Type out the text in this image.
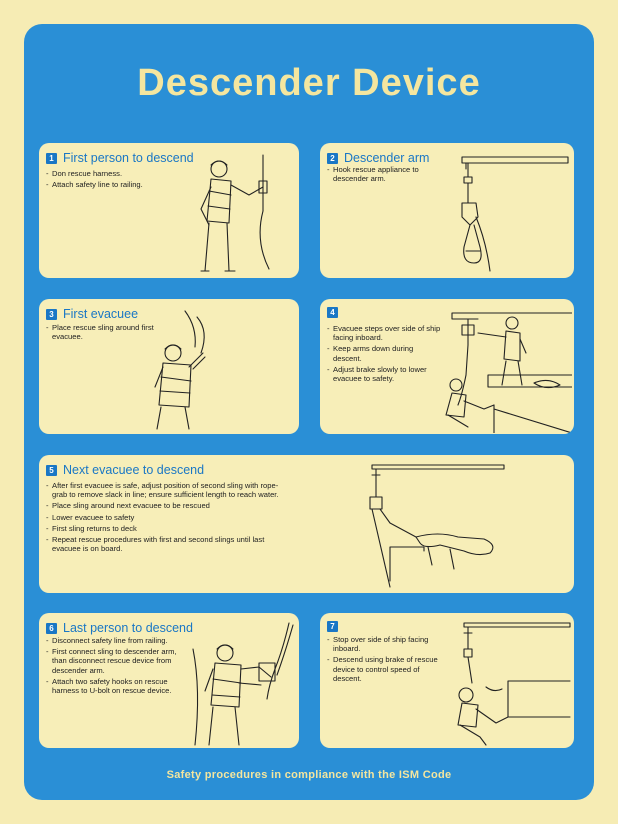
Descender Device
1 First person to descend
- Don rescue harness.
- Attach safety line to railing.
2 Descender arm
- Hook rescue appliance to descender arm.
3 First evacuee
- Place rescue sling around first evacuee.
4
- Evacuee steps over side of ship facing inboard.
- Keep arms down during descent.
- Adjust brake slowly to lower evacuee to safety.
5 Next evacuee to descend
- After first evacuee is safe, adjust position of second sling with rope-grab to remove slack in line; ensure sufficient length to reach water.
- Place sling around next evacuee to be rescued
- Lower evacuee to safety
- First sling returns to deck
- Repeat rescue procedures with first and second slings until last evacuee is on board.
6 Last person to descend
- Disconnect safety line from railing.
- First connect sling to descender arm, than disconnect rescue device from descender arm.
- Attach two safety hooks on rescue harness to U-bolt on rescue device.
7
- Stop over side of ship facing inboard.
- Descend using brake of rescue device to control speed of descent.
Safety procedures in compliance with the ISM Code
